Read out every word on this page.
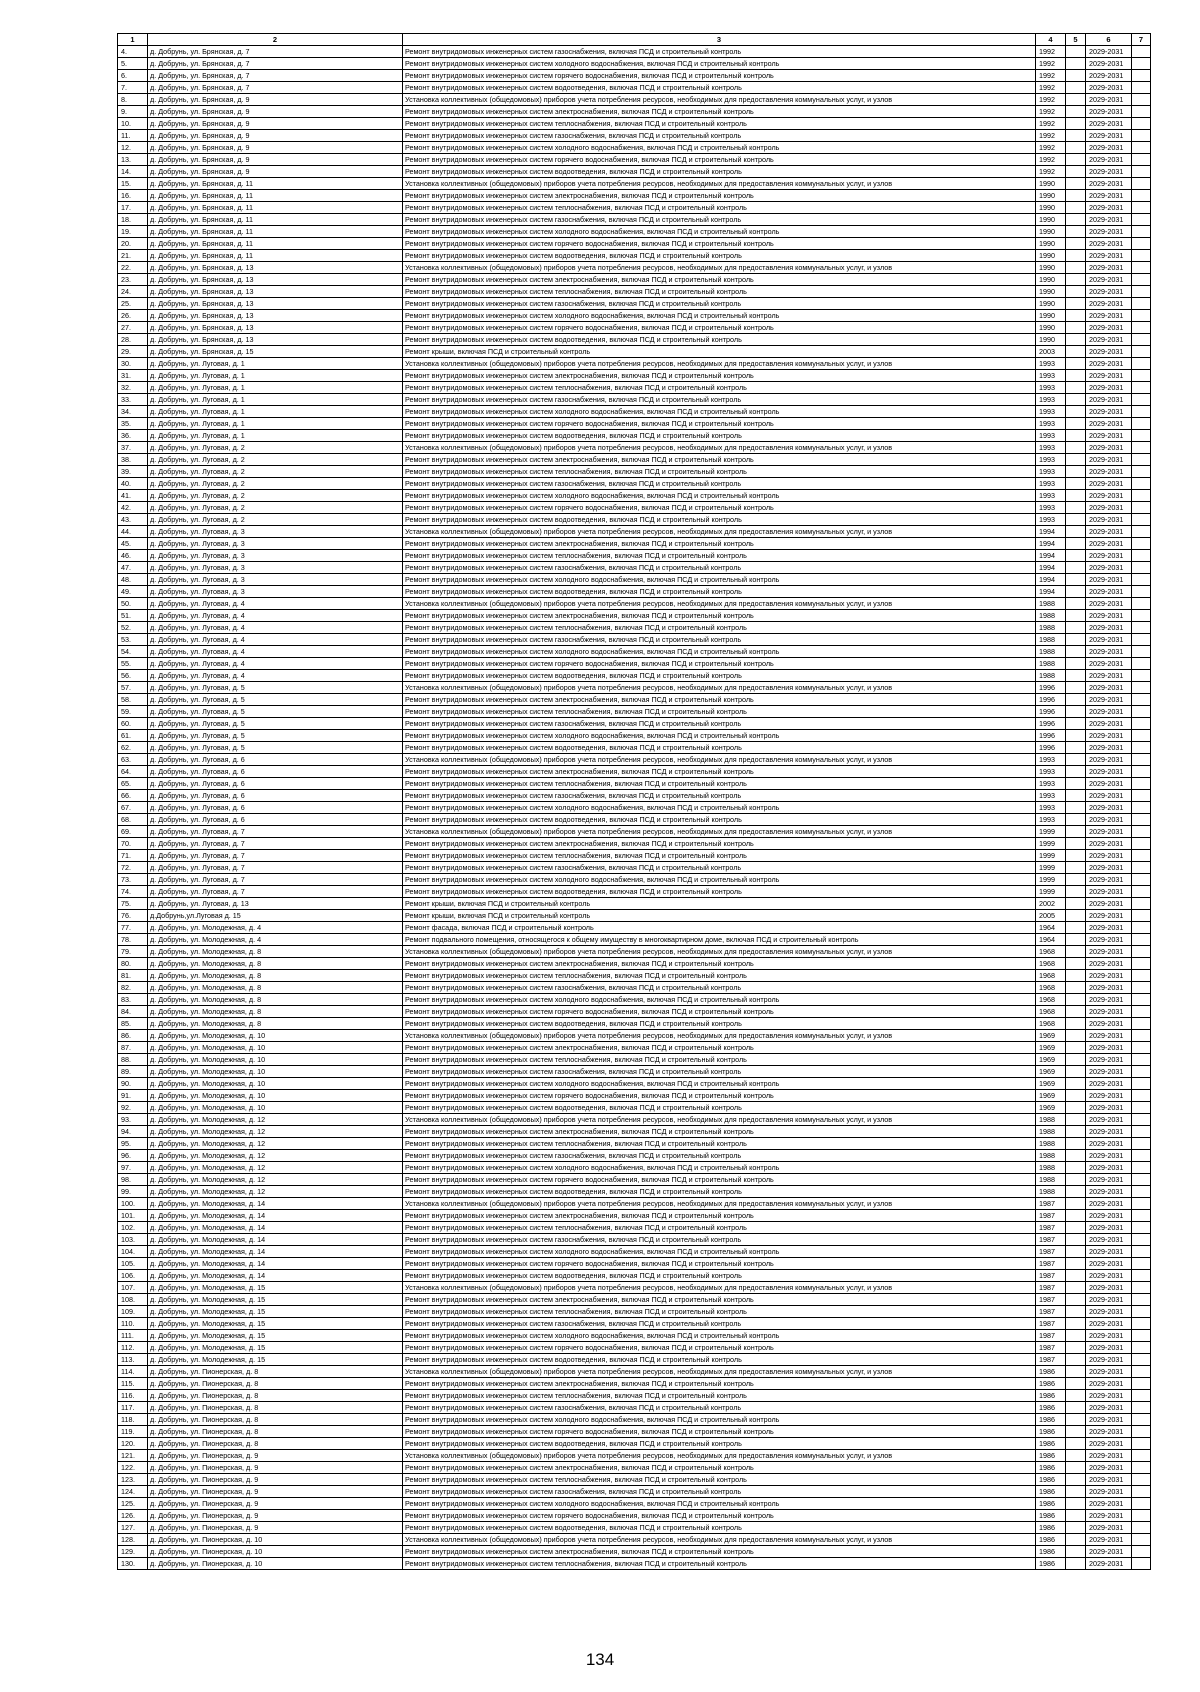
1	2	3	4	5	6	7
4.	д. Добрунь, ул. Брянская, д. 7	Ремонт внутридомовых инженерных систем газоснабжения, включая ПСД и строительный контроль	1992		2029-2031	
5.	д. Добрунь, ул. Брянская, д. 7	Ремонт внутридомовых инженерных систем холодного водоснабжения, включая ПСД и строительный контроль	1992		2029-2031	
6.	д. Добрунь, ул. Брянская, д. 7	Ремонт внутридомовых инженерных систем горячего водоснабжения, включая ПСД и строительный контроль	1992		2029-2031	
7.	д. Добрунь, ул. Брянская, д. 7	Ремонт внутридомовых инженерных систем водоотведения, включая ПСД и строительный контроль	1992		2029-2031	
8.	д. Добрунь, ул. Брянская, д. 9	Установка коллективных (общедомовых) приборов учета потребления ресурсов, необходимых для предоставления коммунальных услуг, и узлов	1992		2029-2031	
9.	д. Добрунь, ул. Брянская, д. 9	Ремонт внутридомовых инженерных систем электроснабжения, включая ПСД и строительный контроль	1992		2029-2031	
10.	д. Добрунь, ул. Брянская, д. 9	Ремонт внутридомовых инженерных систем теплоснабжения, включая ПСД и строительный контроль	1992		2029-2031	
11.	д. Добрунь, ул. Брянская, д. 9	Ремонт внутридомовых инженерных систем газоснабжения, включая ПСД и строительный контроль	1992		2029-2031	
12.	д. Добрунь, ул. Брянская, д. 9	Ремонт внутридомовых инженерных систем холодного водоснабжения, включая ПСД и строительный контроль	1992		2029-2031	
13.	д. Добрунь, ул. Брянская, д. 9	Ремонт внутридомовых инженерных систем горячего водоснабжения, включая ПСД и строительный контроль	1992		2029-2031	
14.	д. Добрунь, ул. Брянская, д. 9	Ремонт внутридомовых инженерных систем водоотведения, включая ПСД и строительный контроль	1992		2029-2031	
15.	д. Добрунь, ул. Брянская, д. 11	Установка коллективных (общедомовых) приборов учета потребления ресурсов, необходимых для предоставления коммунальных услуг, и узлов	1990		2029-2031	
16.	д. Добрунь, ул. Брянская, д. 11	Ремонт внутридомовых инженерных систем электроснабжения, включая ПСД и строительный контроль	1990		2029-2031	
17.	д. Добрунь, ул. Брянская, д. 11	Ремонт внутридомовых инженерных систем теплоснабжения, включая ПСД и строительный контроль	1990		2029-2031	
18.	д. Добрунь, ул. Брянская, д. 11	Ремонт внутридомовых инженерных систем газоснабжения, включая ПСД и строительный контроль	1990		2029-2031	
19.	д. Добрунь, ул. Брянская, д. 11	Ремонт внутридомовых инженерных систем холодного водоснабжения, включая ПСД и строительный контроль	1990		2029-2031	
20.	д. Добрунь, ул. Брянская, д. 11	Ремонт внутридомовых инженерных систем горячего водоснабжения, включая ПСД и строительный контроль	1990		2029-2031	
21.	д. Добрунь, ул. Брянская, д. 11	Ремонт внутридомовых инженерных систем водоотведения, включая ПСД и строительный контроль	1990		2029-2031	
22.	д. Добрунь, ул. Брянская, д. 13	Установка коллективных (общедомовых) приборов учета потребления ресурсов, необходимых для предоставления коммунальных услуг, и узлов	1990		2029-2031	
23.	д. Добрунь, ул. Брянская, д. 13	Ремонт внутридомовых инженерных систем электроснабжения, включая ПСД и строительный контроль	1990		2029-2031	
24.	д. Добрунь, ул. Брянская, д. 13	Ремонт внутридомовых инженерных систем теплоснабжения, включая ПСД и строительный контроль	1990		2029-2031	
25.	д. Добрунь, ул. Брянская, д. 13	Ремонт внутридомовых инженерных систем газоснабжения, включая ПСД и строительный контроль	1990		2029-2031	
26.	д. Добрунь, ул. Брянская, д. 13	Ремонт внутридомовых инженерных систем холодного водоснабжения, включая ПСД и строительный контроль	1990		2029-2031	
27.	д. Добрунь, ул. Брянская, д. 13	Ремонт внутридомовых инженерных систем горячего водоснабжения, включая ПСД и строительный контроль	1990		2029-2031	
28.	д. Добрунь, ул. Брянская, д. 13	Ремонт внутридомовых инженерных систем водоотведения, включая ПСД и строительный контроль	1990		2029-2031	
29.	д. Добрунь, ул. Брянская, д. 15	Ремонт крыши, включая ПСД и строительный контроль	2003		2029-2031	
30.	д. Добрунь, ул. Луговая, д. 1	Установка коллективных (общедомовых) приборов учета потребления ресурсов, необходимых для предоставления коммунальных услуг, и узлов	1993		2029-2031	
31.	д. Добрунь, ул. Луговая, д. 1	Ремонт внутридомовых инженерных систем электроснабжения, включая ПСД и строительный контроль	1993		2029-2031	
32.	д. Добрунь, ул. Луговая, д. 1	Ремонт внутридомовых инженерных систем теплоснабжения, включая ПСД и строительный контроль	1993		2029-2031	
33.	д. Добрунь, ул. Луговая, д. 1	Ремонт внутридомовых инженерных систем газоснабжения, включая ПСД и строительный контроль	1993		2029-2031	
34.	д. Добрунь, ул. Луговая, д. 1	Ремонт внутридомовых инженерных систем холодного водоснабжения, включая ПСД и строительный контроль	1993		2029-2031	
35.	д. Добрунь, ул. Луговая, д. 1	Ремонт внутридомовых инженерных систем горячего водоснабжения, включая ПСД и строительный контроль	1993		2029-2031	
36.	д. Добрунь, ул. Луговая, д. 1	Ремонт внутридомовых инженерных систем водоотведения, включая ПСД и строительный контроль	1993		2029-2031	
37.	д. Добрунь, ул. Луговая, д. 2	Установка коллективных (общедомовых) приборов учета потребления ресурсов, необходимых для предоставления коммунальных услуг, и узлов	1993		2029-2031	
38.	д. Добрунь, ул. Луговая, д. 2	Ремонт внутридомовых инженерных систем электроснабжения, включая ПСД и строительный контроль	1993		2029-2031	
39.	д. Добрунь, ул. Луговая, д. 2	Ремонт внутридомовых инженерных систем теплоснабжения, включая ПСД и строительный контроль	1993		2029-2031	
40.	д. Добрунь, ул. Луговая, д. 2	Ремонт внутридомовых инженерных систем газоснабжения, включая ПСД и строительный контроль	1993		2029-2031	
41.	д. Добрунь, ул. Луговая, д. 2	Ремонт внутридомовых инженерных систем холодного водоснабжения, включая ПСД и строительный контроль	1993		2029-2031	
42.	д. Добрунь, ул. Луговая, д. 2	Ремонт внутридомовых инженерных систем горячего водоснабжения, включая ПСД и строительный контроль	1993		2029-2031	
43.	д. Добрунь, ул. Луговая, д. 2	Ремонт внутридомовых инженерных систем водоотведения, включая ПСД и строительный контроль	1993		2029-2031	
44.	д. Добрунь, ул. Луговая, д. 3	Установка коллективных (общедомовых) приборов учета потребления ресурсов, необходимых для предоставления коммунальных услуг, и узлов	1994		2029-2031	
45.	д. Добрунь, ул. Луговая, д. 3	Ремонт внутридомовых инженерных систем электроснабжения, включая ПСД и строительный контроль	1994		2029-2031	
46.	д. Добрунь, ул. Луговая, д. 3	Ремонт внутридомовых инженерных систем теплоснабжения, включая ПСД и строительный контроль	1994		2029-2031	
47.	д. Добрунь, ул. Луговая, д. 3	Ремонт внутридомовых инженерных систем газоснабжения, включая ПСД и строительный контроль	1994		2029-2031	
48.	д. Добрунь, ул. Луговая, д. 3	Ремонт внутридомовых инженерных систем холодного водоснабжения, включая ПСД и строительный контроль	1994		2029-2031	
49.	д. Добрунь, ул. Луговая, д. 3	Ремонт внутридомовых инженерных систем водоотведения, включая ПСД и строительный контроль	1994		2029-2031	
50.	д. Добрунь, ул. Луговая, д. 4	Установка коллективных (общедомовых) приборов учета потребления ресурсов, необходимых для предоставления коммунальных услуг, и узлов	1988		2029-2031	
51.	д. Добрунь, ул. Луговая, д. 4	Ремонт внутридомовых инженерных систем электроснабжения, включая ПСД и строительный контроль	1988		2029-2031	
52.	д. Добрунь, ул. Луговая, д. 4	Ремонт внутридомовых инженерных систем теплоснабжения, включая ПСД и строительный контроль	1988		2029-2031	
53.	д. Добрунь, ул. Луговая, д. 4	Ремонт внутридомовых инженерных систем газоснабжения, включая ПСД и строительный контроль	1988		2029-2031	
54.	д. Добрунь, ул. Луговая, д. 4	Ремонт внутридомовых инженерных систем холодного водоснабжения, включая ПСД и строительный контроль	1988		2029-2031	
55.	д. Добрунь, ул. Луговая, д. 4	Ремонт внутридомовых инженерных систем горячего водоснабжения, включая ПСД и строительный контроль	1988		2029-2031	
56.	д. Добрунь, ул. Луговая, д. 4	Ремонт внутридомовых инженерных систем водоотведения, включая ПСД и строительный контроль	1988		2029-2031	
57.	д. Добрунь, ул. Луговая, д. 5	Установка коллективных (общедомовых) приборов учета потребления ресурсов, необходимых для предоставления коммунальных услуг, и узлов	1996		2029-2031	
58.	д. Добрунь, ул. Луговая, д. 5	Ремонт внутридомовых инженерных систем электроснабжения, включая ПСД и строительный контроль	1996		2029-2031	
59.	д. Добрунь, ул. Луговая, д. 5	Ремонт внутридомовых инженерных систем теплоснабжения, включая ПСД и строительный контроль	1996		2029-2031	
60.	д. Добрунь, ул. Луговая, д. 5	Ремонт внутридомовых инженерных систем газоснабжения, включая ПСД и строительный контроль	1996		2029-2031	
61.	д. Добрунь, ул. Луговая, д. 5	Ремонт внутридомовых инженерных систем холодного водоснабжения, включая ПСД и строительный контроль	1996		2029-2031	
62.	д. Добрунь, ул. Луговая, д. 5	Ремонт внутридомовых инженерных систем водоотведения, включая ПСД и строительный контроль	1996		2029-2031	
63.	д. Добрунь, ул. Луговая, д. 6	Установка коллективных (общедомовых) приборов учета потребления ресурсов, необходимых для предоставления коммунальных услуг, и узлов	1993		2029-2031	
64.	д. Добрунь, ул. Луговая, д. 6	Ремонт внутридомовых инженерных систем электроснабжения, включая ПСД и строительный контроль	1993		2029-2031	
65.	д. Добрунь, ул. Луговая, д. 6	Ремонт внутридомовых инженерных систем теплоснабжения, включая ПСД и строительный контроль	1993		2029-2031	
66.	д. Добрунь, ул. Луговая, д. 6	Ремонт внутридомовых инженерных систем газоснабжения, включая ПСД и строительный контроль	1993		2029-2031	
67.	д. Добрунь, ул. Луговая, д. 6	Ремонт внутридомовых инженерных систем холодного водоснабжения, включая ПСД и строительный контроль	1993		2029-2031	
68.	д. Добрунь, ул. Луговая, д. 6	Ремонт внутридомовых инженерных систем водоотведения, включая ПСД и строительный контроль	1993		2029-2031	
69.	д. Добрунь, ул. Луговая, д. 7	Установка коллективных (общедомовых) приборов учета потребления ресурсов, необходимых для предоставления коммунальных услуг, и узлов	1999		2029-2031	
70.	д. Добрунь, ул. Луговая, д. 7	Ремонт внутридомовых инженерных систем электроснабжения, включая ПСД и строительный контроль	1999		2029-2031	
71.	д. Добрунь, ул. Луговая, д. 7	Ремонт внутридомовых инженерных систем теплоснабжения, включая ПСД и строительный контроль	1999		2029-2031	
72.	д. Добрунь, ул. Луговая, д. 7	Ремонт внутридомовых инженерных систем газоснабжения, включая ПСД и строительный контроль	1999		2029-2031	
73.	д. Добрунь, ул. Луговая, д. 7	Ремонт внутридомовых инженерных систем холодного водоснабжения, включая ПСД и строительный контроль	1999		2029-2031	
74.	д. Добрунь, ул. Луговая, д. 7	Ремонт внутридомовых инженерных систем водоотведения, включая ПСД и строительный контроль	1999		2029-2031	
75.	д. Добрунь, ул. Луговая, д. 13	Ремонт крыши, включая ПСД и строительный контроль	2002		2029-2031	
76.	д.Добрунь,ул.Луговая д. 15	Ремонт крыши, включая ПСД и строительный контроль	2005		2029-2031	
77.	д. Добрунь, ул. Молодежная, д. 4	Ремонт фасада, включая ПСД и строительный контроль	1964		2029-2031	
78.	д. Добрунь, ул. Молодежная, д. 4	Ремонт подвального помещения, относящегося к общему имуществу в многоквартирном доме, включая ПСД и строительный контроль	1964		2029-2031	
79.	д. Добрунь, ул. Молодежная, д. 8	Установка коллективных (общедомовых) приборов учета потребления ресурсов, необходимых для предоставления коммунальных услуг, и узлов	1968		2029-2031	
80.	д. Добрунь, ул. Молодежная, д. 8	Ремонт внутридомовых инженерных систем электроснабжения, включая ПСД и строительный контроль	1968		2029-2031	
81.	д. Добрунь, ул. Молодежная, д. 8	Ремонт внутридомовых инженерных систем теплоснабжения, включая ПСД и строительный контроль	1968		2029-2031	
82.	д. Добрунь, ул. Молодежная, д. 8	Ремонт внутридомовых инженерных систем газоснабжения, включая ПСД и строительный контроль	1968		2029-2031	
83.	д. Добрунь, ул. Молодежная, д. 8	Ремонт внутридомовых инженерных систем холодного водоснабжения, включая ПСД и строительный контроль	1968		2029-2031	
84.	д. Добрунь, ул. Молодежная, д. 8	Ремонт внутридомовых инженерных систем горячего водоснабжения, включая ПСД и строительный контроль	1968		2029-2031	
85.	д. Добрунь, ул. Молодежная, д. 8	Ремонт внутридомовых инженерных систем водоотведения, включая ПСД и строительный контроль	1968		2029-2031	
86.	д. Добрунь, ул. Молодежная, д. 10	Установка коллективных (общедомовых) приборов учета потребления ресурсов, необходимых для предоставления коммунальных услуг, и узлов	1969		2029-2031	
87.	д. Добрунь, ул. Молодежная, д. 10	Ремонт внутридомовых инженерных систем электроснабжения, включая ПСД и строительный контроль	1969		2029-2031	
88.	д. Добрунь, ул. Молодежная, д. 10	Ремонт внутридомовых инженерных систем теплоснабжения, включая ПСД и строительный контроль	1969		2029-2031	
89.	д. Добрунь, ул. Молодежная, д. 10	Ремонт внутридомовых инженерных систем газоснабжения, включая ПСД и строительный контроль	1969		2029-2031	
90.	д. Добрунь, ул. Молодежная, д. 10	Ремонт внутридомовых инженерных систем холодного водоснабжения, включая ПСД и строительный контроль	1969		2029-2031	
91.	д. Добрунь, ул. Молодежная, д. 10	Ремонт внутридомовых инженерных систем горячего водоснабжения, включая ПСД и строительный контроль	1969		2029-2031	
92.	д. Добрунь, ул. Молодежная, д. 10	Ремонт внутридомовых инженерных систем водоотведения, включая ПСД и строительный контроль	1969		2029-2031	
93.	д. Добрунь, ул. Молодежная, д. 12	Установка коллективных (общедомовых) приборов учета потребления ресурсов, необходимых для предоставления коммунальных услуг, и узлов	1988		2029-2031	
94.	д. Добрунь, ул. Молодежная, д. 12	Ремонт внутридомовых инженерных систем электроснабжения, включая ПСД и строительный контроль	1988		2029-2031	
95.	д. Добрунь, ул. Молодежная, д. 12	Ремонт внутридомовых инженерных систем теплоснабжения, включая ПСД и строительный контроль	1988		2029-2031	
96.	д. Добрунь, ул. Молодежная, д. 12	Ремонт внутридомовых инженерных систем газоснабжения, включая ПСД и строительный контроль	1988		2029-2031	
97.	д. Добрунь, ул. Молодежная, д. 12	Ремонт внутридомовых инженерных систем холодного водоснабжения, включая ПСД и строительный контроль	1988		2029-2031	
98.	д. Добрунь, ул. Молодежная, д. 12	Ремонт внутридомовых инженерных систем горячего водоснабжения, включая ПСД и строительный контроль	1988		2029-2031	
99.	д. Добрунь, ул. Молодежная, д. 12	Ремонт внутридомовых инженерных систем водоотведения, включая ПСД и строительный контроль	1988		2029-2031	
100.	д. Добрунь, ул. Молодежная, д. 14	Установка коллективных (общедомовых) приборов учета потребления ресурсов, необходимых для предоставления коммунальных услуг, и узлов	1987		2029-2031	
101.	д. Добрунь, ул. Молодежная, д. 14	Ремонт внутридомовых инженерных систем электроснабжения, включая ПСД и строительный контроль	1987		2029-2031	
102.	д. Добрунь, ул. Молодежная, д. 14	Ремонт внутридомовых инженерных систем теплоснабжения, включая ПСД и строительный контроль	1987		2029-2031	
103.	д. Добрунь, ул. Молодежная, д. 14	Ремонт внутридомовых инженерных систем газоснабжения, включая ПСД и строительный контроль	1987		2029-2031	
104.	д. Добрунь, ул. Молодежная, д. 14	Ремонт внутридомовых инженерных систем холодного водоснабжения, включая ПСД и строительный контроль	1987		2029-2031	
105.	д. Добрунь, ул. Молодежная, д. 14	Ремонт внутридомовых инженерных систем горячего водоснабжения, включая ПСД и строительный контроль	1987		2029-2031	
106.	д. Добрунь, ул. Молодежная, д. 14	Ремонт внутридомовых инженерных систем водоотведения, включая ПСД и строительный контроль	1987		2029-2031	
107.	д. Добрунь, ул. Молодежная, д. 15	Установка коллективных (общедомовых) приборов учета потребления ресурсов, необходимых для предоставления коммунальных услуг, и узлов	1987		2029-2031	
108.	д. Добрунь, ул. Молодежная, д. 15	Ремонт внутридомовых инженерных систем электроснабжения, включая ПСД и строительный контроль	1987		2029-2031	
109.	д. Добрунь, ул. Молодежная, д. 15	Ремонт внутридомовых инженерных систем теплоснабжения, включая ПСД и строительный контроль	1987		2029-2031	
110.	д. Добрунь, ул. Молодежная, д. 15	Ремонт внутридомовых инженерных систем газоснабжения, включая ПСД и строительный контроль	1987		2029-2031	
111.	д. Добрунь, ул. Молодежная, д. 15	Ремонт внутридомовых инженерных систем холодного водоснабжения, включая ПСД и строительный контроль	1987		2029-2031	
112.	д. Добрунь, ул. Молодежная, д. 15	Ремонт внутридомовых инженерных систем горячего водоснабжения, включая ПСД и строительный контроль	1987		2029-2031	
113.	д. Добрунь, ул. Молодежная, д. 15	Ремонт внутридомовых инженерных систем водоотведения, включая ПСД и строительный контроль	1987		2029-2031	
114.	д. Добрунь, ул. Пионерская, д. 8	Установка коллективных (общедомовых) приборов учета потребления ресурсов, необходимых для предоставления коммунальных услуг, и узлов	1986		2029-2031	
115.	д. Добрунь, ул. Пионерская, д. 8	Ремонт внутридомовых инженерных систем электроснабжения, включая ПСД и строительный контроль	1986		2029-2031	
116.	д. Добрунь, ул. Пионерская, д. 8	Ремонт внутридомовых инженерных систем теплоснабжения, включая ПСД и строительный контроль	1986		2029-2031	
117.	д. Добрунь, ул. Пионерская, д. 8	Ремонт внутридомовых инженерных систем газоснабжения, включая ПСД и строительный контроль	1986		2029-2031	
118.	д. Добрунь, ул. Пионерская, д. 8	Ремонт внутридомовых инженерных систем холодного водоснабжения, включая ПСД и строительный контроль	1986		2029-2031	
119.	д. Добрунь, ул. Пионерская, д. 8	Ремонт внутридомовых инженерных систем горячего водоснабжения, включая ПСД и строительный контроль	1986		2029-2031	
120.	д. Добрунь, ул. Пионерская, д. 8	Ремонт внутридомовых инженерных систем водоотведения, включая ПСД и строительный контроль	1986		2029-2031	
121.	д. Добрунь, ул. Пионерская, д. 9	Установка коллективных (общедомовых) приборов учета потребления ресурсов, необходимых для предоставления коммунальных услуг, и узлов	1986		2029-2031	
122.	д. Добрунь, ул. Пионерская, д. 9	Ремонт внутридомовых инженерных систем электроснабжения, включая ПСД и строительный контроль	1986		2029-2031	
123.	д. Добрунь, ул. Пионерская, д. 9	Ремонт внутридомовых инженерных систем теплоснабжения, включая ПСД и строительный контроль	1986		2029-2031	
124.	д. Добрунь, ул. Пионерская, д. 9	Ремонт внутридомовых инженерных систем газоснабжения, включая ПСД и строительный контроль	1986		2029-2031	
125.	д. Добрунь, ул. Пионерская, д. 9	Ремонт внутридомовых инженерных систем холодного водоснабжения, включая ПСД и строительный контроль	1986		2029-2031	
126.	д. Добрунь, ул. Пионерская, д. 9	Ремонт внутридомовых инженерных систем горячего водоснабжения, включая ПСД и строительный контроль	1986		2029-2031	
127.	д. Добрунь, ул. Пионерская, д. 9	Ремонт внутридомовых инженерных систем водоотведения, включая ПСД и строительный контроль	1986		2029-2031	
128.	д. Добрунь, ул. Пионерская, д. 10	Установка коллективных (общедомовых) приборов учета потребления ресурсов, необходимых для предоставления коммунальных услуг, и узлов	1986		2029-2031	
129.	д. Добрунь, ул. Пионерская, д. 10	Ремонт внутридомовых инженерных систем электроснабжения, включая ПСД и строительный контроль	1986		2029-2031	
130.	д. Добрунь, ул. Пионерская, д. 10	Ремонт внутридомовых инженерных систем теплоснабжения, включая ПСД и строительный контроль	1986		2029-2031	
134
